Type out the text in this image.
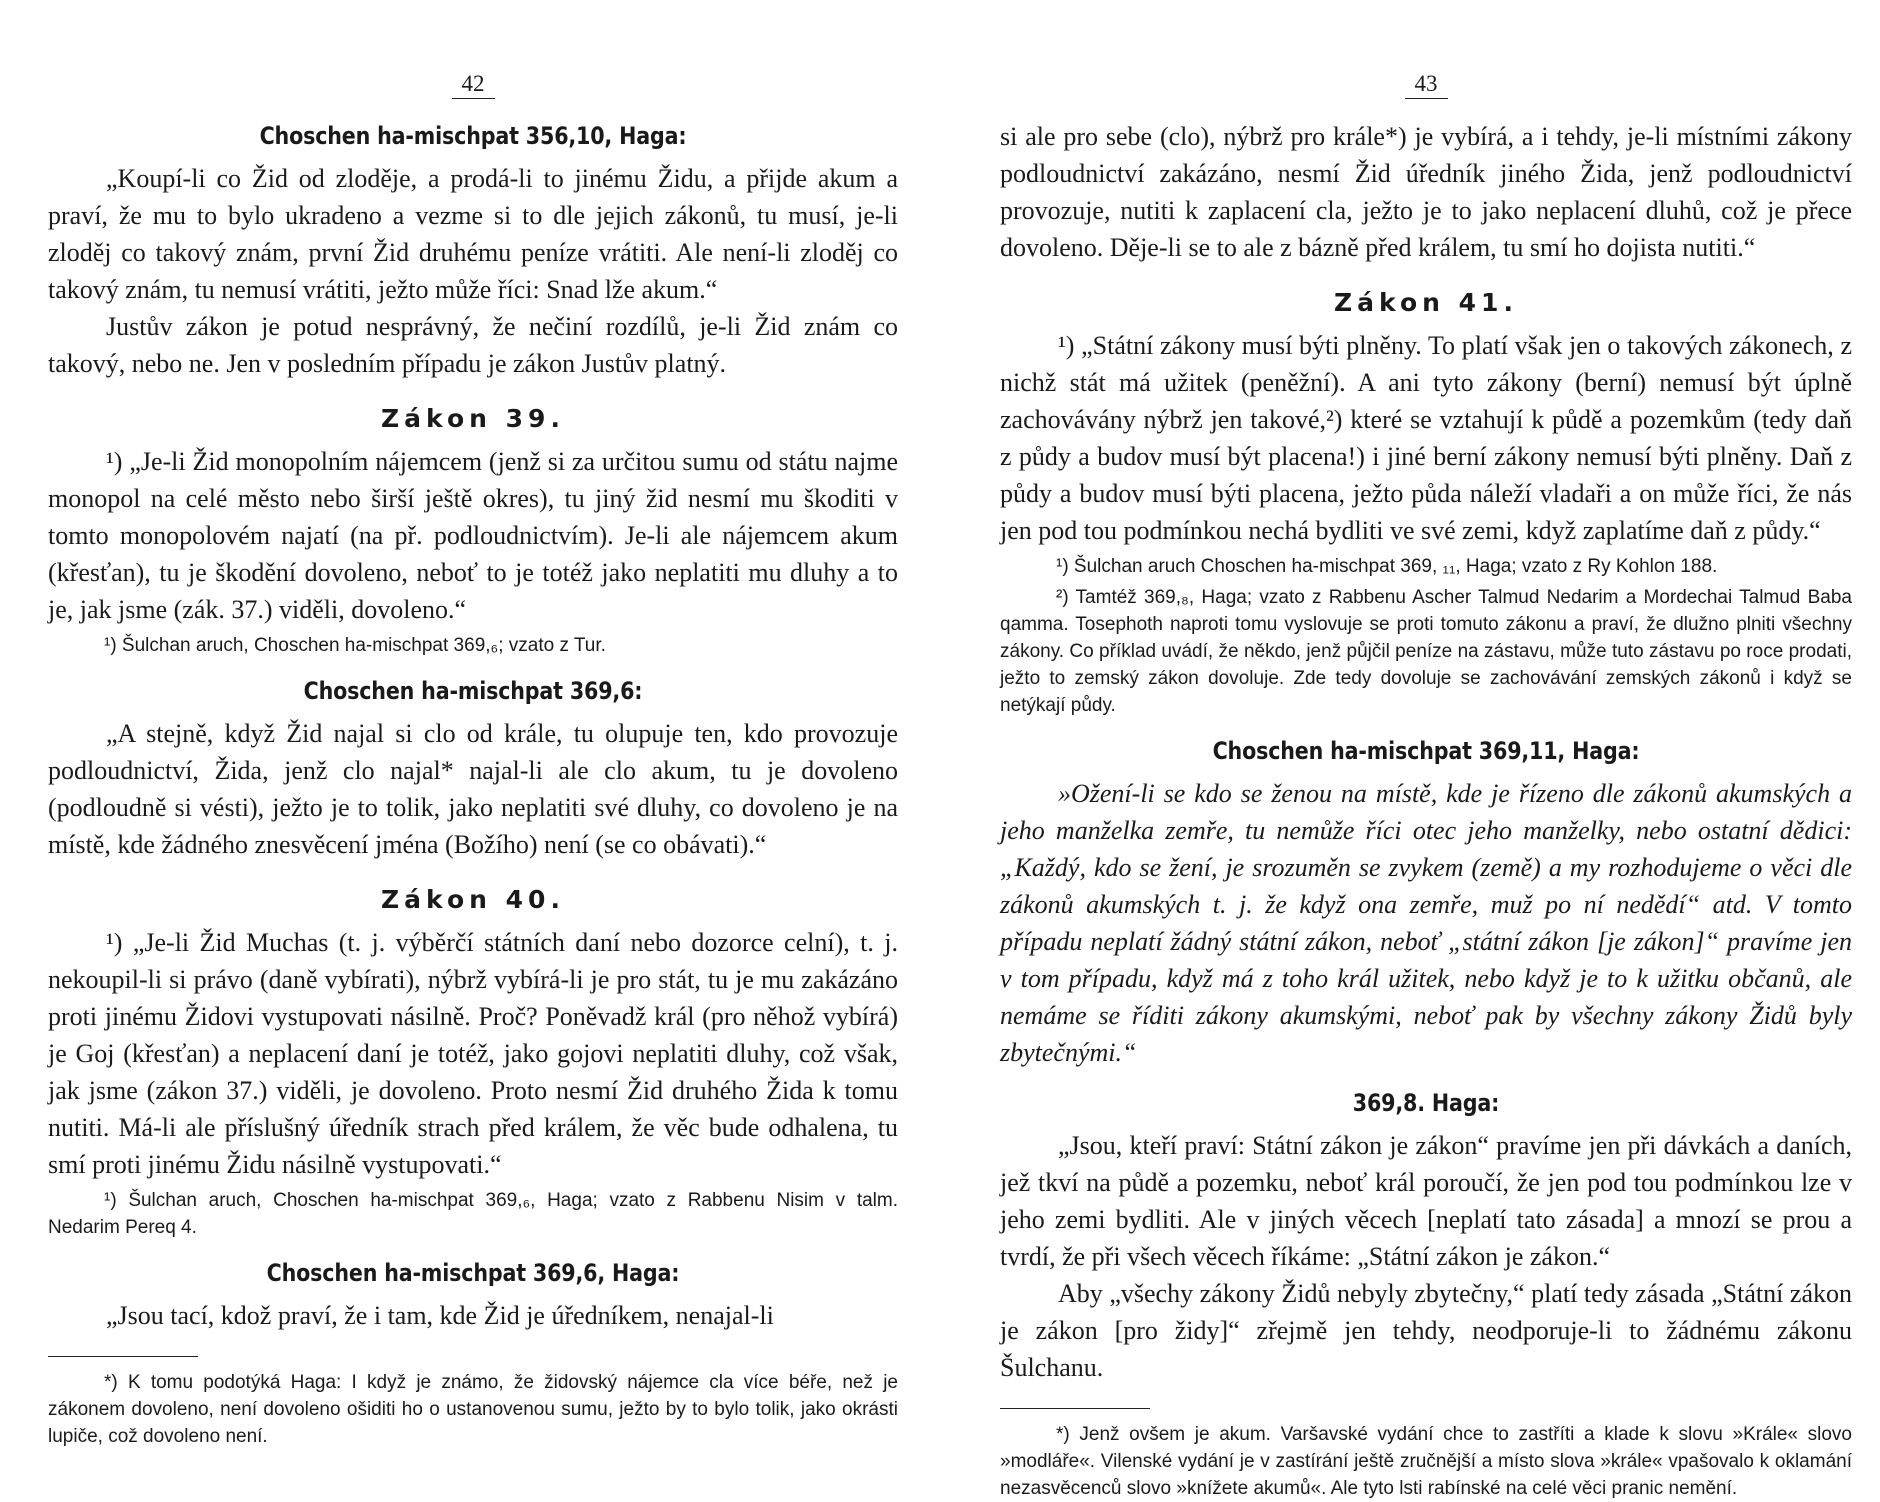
42
Choschen ha-mischpat 356,10, Haga:

„Koupí-li co Žid od zloděje, a prodá-li to jinému Židu, a přijde akum a praví, že mu to bylo ukradeno a vezme si to dle jejich zákonů, tu musí, je-li zloděj co takový znám, první Žid druhému peníze vrátiti. Ale není-li zloděj co takový znám, tu nemusí vrátiti, ježto může říci: Snad lže akum.“

Justův zákon je potud nesprávný, že nečiní rozdílů, je-li Žid znám co takový, nebo ne. Jen v posledním případu je zákon Justův platný.

Zákon 39.

¹) „Je-li Žid monopolním nájemcem (jenž si za určitou sumu od státu najme monopol na celé město nebo širší ještě okres), tu jiný žid nesmí mu škoditi v tomto monopolovém najatí (na př. podloudnictvím). Je-li ale nájemcem akum (křesťan), tu je škodění dovoleno, neboť to je totéž jako neplatiti mu dluhy a to je, jak jsme (zák. 37.) viděli, dovoleno.“

¹) Šulchan aruch, Choschen ha-mischpat 369,₆; vzato z Tur.

Choschen ha-mischpat 369,6:

„A stejně, když Žid najal si clo od krále, tu olupuje ten, kdo provozuje podloudnictví, Žida, jenž clo najal* najal-li ale clo akum, tu je dovoleno (podloudně si vésti), ježto je to tolik, jako neplatiti své dluhy, co dovoleno je na místě, kde žádného znesvěcení jména (Božího) není (se co obávati).“

Zákon 40.

¹) „Je-li Žid Muchas (t. j. výběrčí státních daní nebo dozorce celní), t. j. nekoupil-li si právo (daně vybírati), nýbrž vybírá-li je pro stát, tu je mu zakázáno proti jinému Židovi vystupovati násilně. Proč? Poněvadž král (pro něhož vybírá) je Goj (křesťan) a neplacení daní je totéž, jako gojovi neplatiti dluhy, což však, jak jsme (zákon 37.) viděli, je dovoleno. Proto nesmí Žid druhého Žida k tomu nutiti. Má-li ale příslušný úředník strach před králem, že věc bude odhalena, tu smí proti jinému Židu násilně vystupovati.“

¹) Šulchan aruch, Choschen ha-mischpat 369,₆, Haga; vzato z Rabbenu Nisim v talm. Nedarim Pereq 4.

Choschen ha-mischpat 369,6, Haga:

„Jsou tací, kdož praví, že i tam, kde Žid je úředníkem, nenajal-li

*) K tomu podotýká Haga: I když je známo, že židovský nájemce cla více béře, než je zákonem dovoleno, není dovoleno ošiditi ho o ustanovenou sumu, ježto by to bylo tolik, jako okrásti lupiče, což dovoleno není.

43

si ale pro sebe (clo), nýbrž pro krále*) je vybírá, a i tehdy, je-li místními zákony podloudnictví zakázáno, nesmí Žid úředník jiného Žida, jenž podloudnictví provozuje, nutiti k zaplacení cla, ježto je to jako neplacení dluhů, což je přece dovoleno. Děje-li se to ale z bázně před králem, tu smí ho dojista nutiti.“

Zákon 41.

¹) „Státní zákony musí býti plněny. To platí však jen o takových zákonech, z nichž stát má užitek (peněžní). A ani tyto zákony (berní) nemusí být úplně zachovávány nýbrž jen takové,²) které se vztahují k půdě a pozemkům (tedy daň z půdy a budov musí být placena!) i jiné berní zákony nemusí býti plněny. Daň z půdy a budov musí býti placena, ježto půda náleží vladaři a on může říci, že nás jen pod tou podmínkou nechá bydliti ve své zemi, když zaplatíme daň z půdy.“

¹) Šulchan aruch Choschen ha-mischpat 369, ₁₁, Haga; vzato z Ry Kohlon 188.

²) Tamtéž 369,₈, Haga; vzato z Rabbenu Ascher Talmud Nedarim a Mordechai Talmud Baba qamma. Tosephoth naproti tomu vyslovuje se proti tomuto zákonu a praví, že dlužno plniti všechny zákony. Co příklad uvádí, že někdo, jenž půjčil peníze na zástavu, může tuto zástavu po roce prodati, ježto to zemský zákon dovoluje. Zde tedy dovoluje se zachovávání zemských zákonů i když se netýkají půdy.

Choschen ha-mischpat 369,11, Haga:

»Ožení-li se kdo se ženou na místě, kde je řízeno dle zákonů akumských a jeho manželka zemře, tu nemůže říci otec jeho manželky, nebo ostatní dědici: „Každý, kdo se žení, je srozuměn se zvykem (země) a my rozhodujeme o věci dle zákonů akumských t. j. že když ona zemře, muž po ní nedědí“ atd. V tomto případu neplatí žádný státní zákon, neboť „státní zákon [je zákon]“ pravíme jen v tom případu, když má z toho král užitek, nebo když je to k užitku občanů, ale nemáme se říditi zákony akumskými, neboť pak by všechny zákony Židů byly zbytečnými.“

369,8. Haga:

„Jsou, kteří praví: Státní zákon je zákon“ pravíme jen při dávkách a daních, jež tkví na půdě a pozemku, neboť král poroučí, že jen pod tou podmínkou lze v jeho zemi bydliti. Ale v jiných věcech [neplatí tato zásada] a mnozí se prou a tvrdí, že při všech věcech říkáme: „Státní zákon je zákon.“

Aby „všechy zákony Židů nebyly zbytečny,“ platí tedy zásada „Státní zákon je zákon [pro židy]“ zřejmě jen tehdy, neodporuje-li to žádnému zákonu Šulchanu.

*) Jenž ovšem je akum. Varšavské vydání chce to zastříti a klade k slovu »Krále« slovo »modláře«. Vilenské vydání je v zastírání ještě zručnější a místo slova »krále« vpašovalo k oklamání nezasvěcenců slovo »knížete akumů«. Ale tyto lsti rabínské na celé věci pranic nemění.
